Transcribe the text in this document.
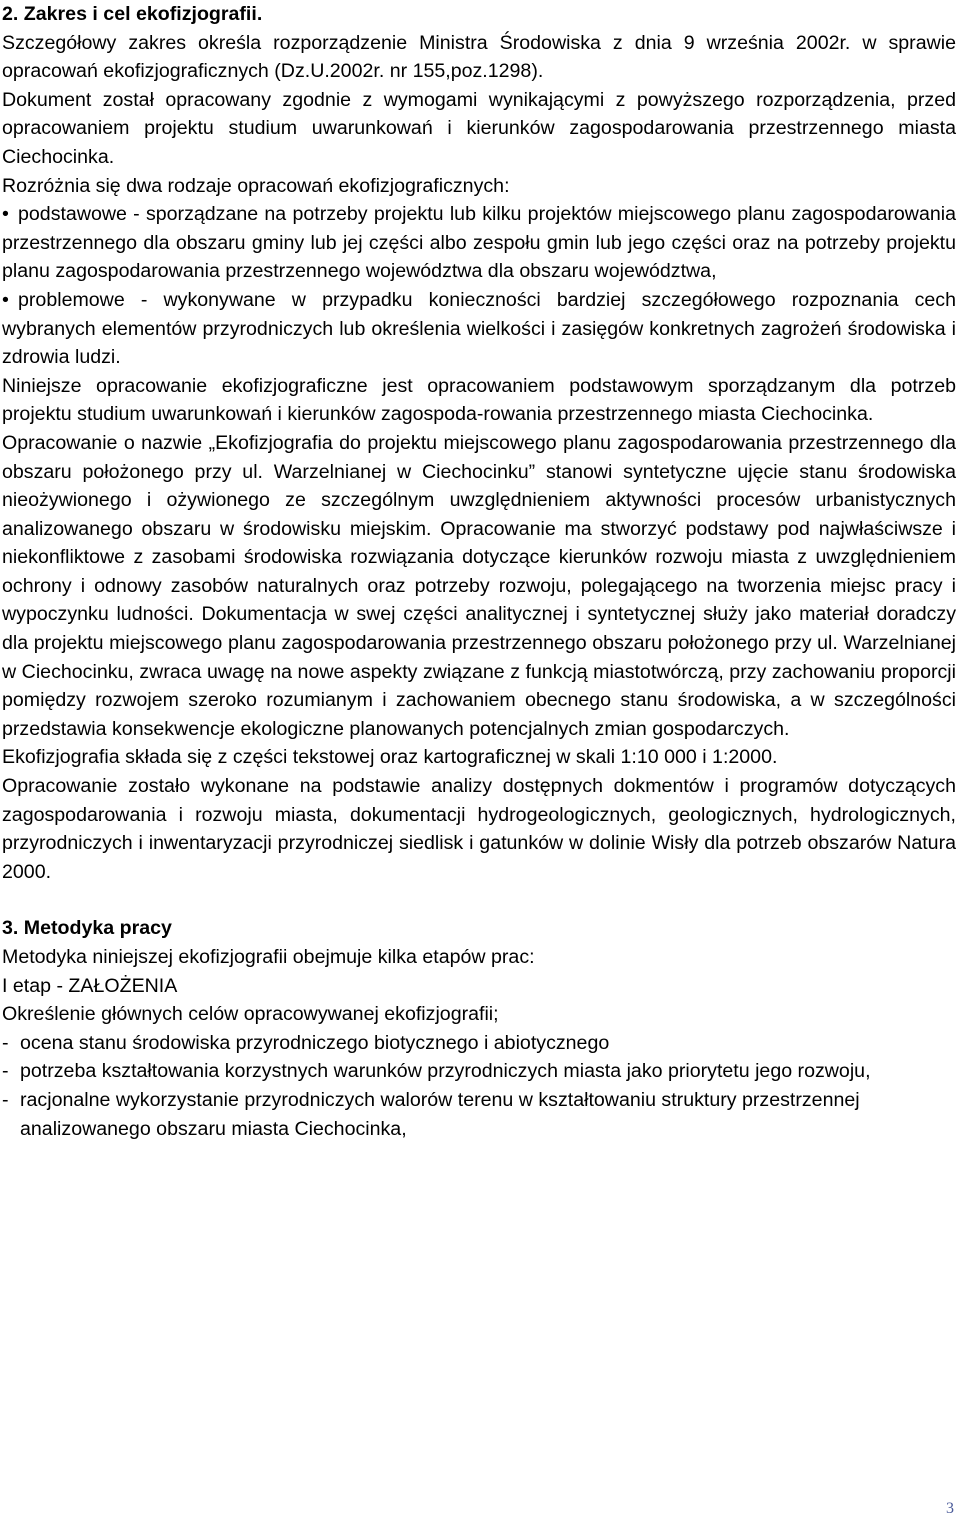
2. Zakres i cel ekofizjografii.

Szczegółowy zakres określa rozporządzenie Ministra Środowiska z dnia 9 września 2002r. w sprawie opracowań ekofizjograficznych (Dz.U.2002r. nr 155,poz.1298).

Dokument został opracowany zgodnie z wymogami wynikającymi z powyższego rozporządzenia, przed opracowaniem projektu studium uwarunkowań i kierunków zagospodarowania przestrzennego miasta Ciechocinka.

Rozróżnia się dwa rodzaje opracowań ekofizjograficznych:

• podstawowe - sporządzane na potrzeby projektu lub kilku projektów miejscowego planu zagospodarowania przestrzennego dla obszaru gminy lub jej części albo zespołu gmin lub jego części oraz na potrzeby projektu planu zagospodarowania przestrzennego województwa dla obszaru województwa,

• problemowe - wykonywane w przypadku konieczności bardziej szczegółowego rozpoznania cech wybranych elementów przyrodniczych lub określenia wielkości i zasięgów konkretnych zagrożeń środowiska i zdrowia ludzi.

Niniejsze opracowanie ekofizjograficzne jest opracowaniem podstawowym sporządzanym dla potrzeb projektu studium uwarunkowań i kierunków zagospoda-rowania przestrzennego miasta Ciechocinka.

Opracowanie o nazwie „Ekofizjografia do projektu miejscowego planu zagospodarowania przestrzennego dla obszaru położonego przy ul. Warzelnianej w Ciechocinku” stanowi syntetyczne ujęcie stanu środowiska nieożywionego i ożywionego ze szczególnym uwzględnieniem aktywności procesów urbanistycznych analizowanego obszaru w środowisku miejskim. Opracowanie ma stworzyć podstawy pod najwłaściwsze i niekonfliktowe z zasobami środowiska rozwiązania dotyczące kierunków rozwoju miasta z uwzględnieniem ochrony i odnowy zasobów naturalnych oraz potrzeby rozwoju, polegającego na tworzenia miejsc pracy i wypoczynku ludności. Dokumentacja w swej części analitycznej i syntetycznej służy jako materiał doradczy dla projektu miejscowego planu zagospodarowania przestrzennego obszaru położonego przy ul. Warzelnianej w Ciechocinku, zwraca uwagę na nowe aspekty związane z funkcją miastotwórczą, przy zachowaniu proporcji pomiędzy rozwojem szeroko rozumianym i zachowaniem obecnego stanu środowiska, a w szczególności przedstawia konsekwencje ekologiczne planowanych potencjalnych zmian gospodarczych.

Ekofizjografia składa się z części tekstowej oraz kartograficznej w skali 1:10 000 i 1:2000.

Opracowanie zostało wykonane na podstawie analizy dostępnych dokmentów i programów dotyczących zagospodarowania i rozwoju miasta, dokumentacji hydrogeologicznych, geologicznych, hydrologicznych, przyrodniczych i inwentaryzacji przyrodniczej siedlisk i gatunków w dolinie Wisły dla potrzeb obszarów Natura 2000.

3. Metodyka pracy

Metodyka niniejszej ekofizjografii obejmuje kilka etapów prac:

I etap - ZAŁOŻENIA

Określenie głównych celów opracowywanej ekofizjografii;

- ocena stanu środowiska przyrodniczego biotycznego i abiotycznego

- potrzeba kształtowania korzystnych warunków przyrodniczych miasta jako priorytetu jego rozwoju,

- racjonalne wykorzystanie przyrodniczych walorów terenu w kształtowaniu struktury przestrzennej analizowanego obszaru miasta Ciechocinka,

3
